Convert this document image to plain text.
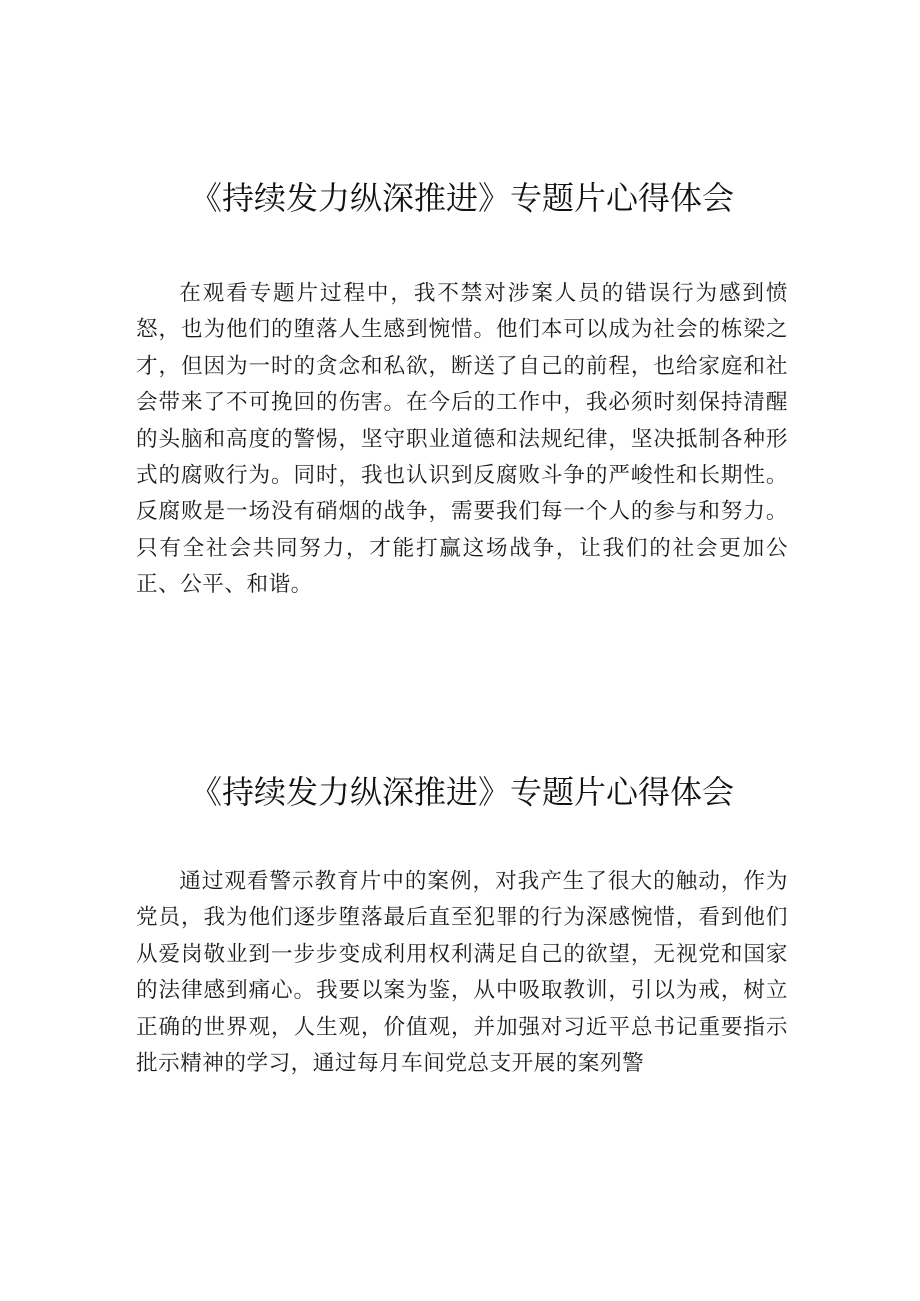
《持续发力纵深推进》专题片心得体会

在观看专题片过程中，我不禁对涉案人员的错误行为感到愤怒，也为他们的堕落人生感到惋惜。他们本可以成为社会的栋梁之才，但因为一时的贪念和私欲，断送了自己的前程，也给家庭和社会带来了不可挽回的伤害。在今后的工作中，我必须时刻保持清醒的头脑和高度的警惕，坚守职业道德和法规纪律，坚决抵制各种形式的腐败行为。同时，我也认识到反腐败斗争的严峻性和长期性。反腐败是一场没有硝烟的战争，需要我们每一个人的参与和努力。只有全社会共同努力，才能打赢这场战争，让我们的社会更加公正、公平、和谐。

《持续发力纵深推进》专题片心得体会

通过观看警示教育片中的案例，对我产生了很大的触动，作为党员，我为他们逐步堕落最后直至犯罪的行为深感惋惜，看到他们从爱岗敬业到一步步变成利用权利满足自己的欲望，无视党和国家的法律感到痛心。我要以案为鉴，从中吸取教训，引以为戒，树立正确的世界观，人生观，价值观，并加强对习近平总书记重要指示批示精神的学习，通过每月车间党总支开展的案列警
